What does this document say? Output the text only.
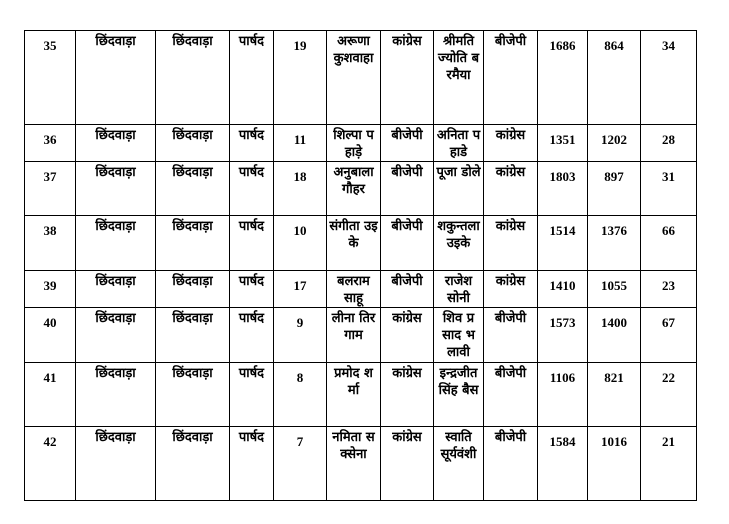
35	छिंदवाड़ा	छिंदवाड़ा	पार्षद	19	अरूणा कुशवाहा	कांग्रेस	श्रीमति ज्योति बरमैया	बीजेपी	1686	864	34
36	छिंदवाड़ा	छिंदवाड़ा	पार्षद	11	शिल्पा पहाड़े	बीजेपी	अनिता पहाडे	कांग्रेस	1351	1202	28
37	छिंदवाड़ा	छिंदवाड़ा	पार्षद	18	अनुबाला गौहर	बीजेपी	पूजा डोले	कांग्रेस	1803	897	31
38	छिंदवाड़ा	छिंदवाड़ा	पार्षद	10	संगीता उइके	बीजेपी	शकुन्तला उइके	कांग्रेस	1514	1376	66
39	छिंदवाड़ा	छिंदवाड़ा	पार्षद	17	बलराम साहू	बीजेपी	राजेश सोनी	कांग्रेस	1410	1055	23
40	छिंदवाड़ा	छिंदवाड़ा	पार्षद	9	लीना तिरगाम	कांग्रेस	शिव प्रसाद भलावी	बीजेपी	1573	1400	67
41	छिंदवाड़ा	छिंदवाड़ा	पार्षद	8	प्रमोद शर्मा	कांग्रेस	इन्द्रजीत सिंह बैस	बीजेपी	1106	821	22
42	छिंदवाड़ा	छिंदवाड़ा	पार्षद	7	नमिता सक्सेना	कांग्रेस	स्वाति सूर्यवंशी	बीजेपी	1584	1016	21
